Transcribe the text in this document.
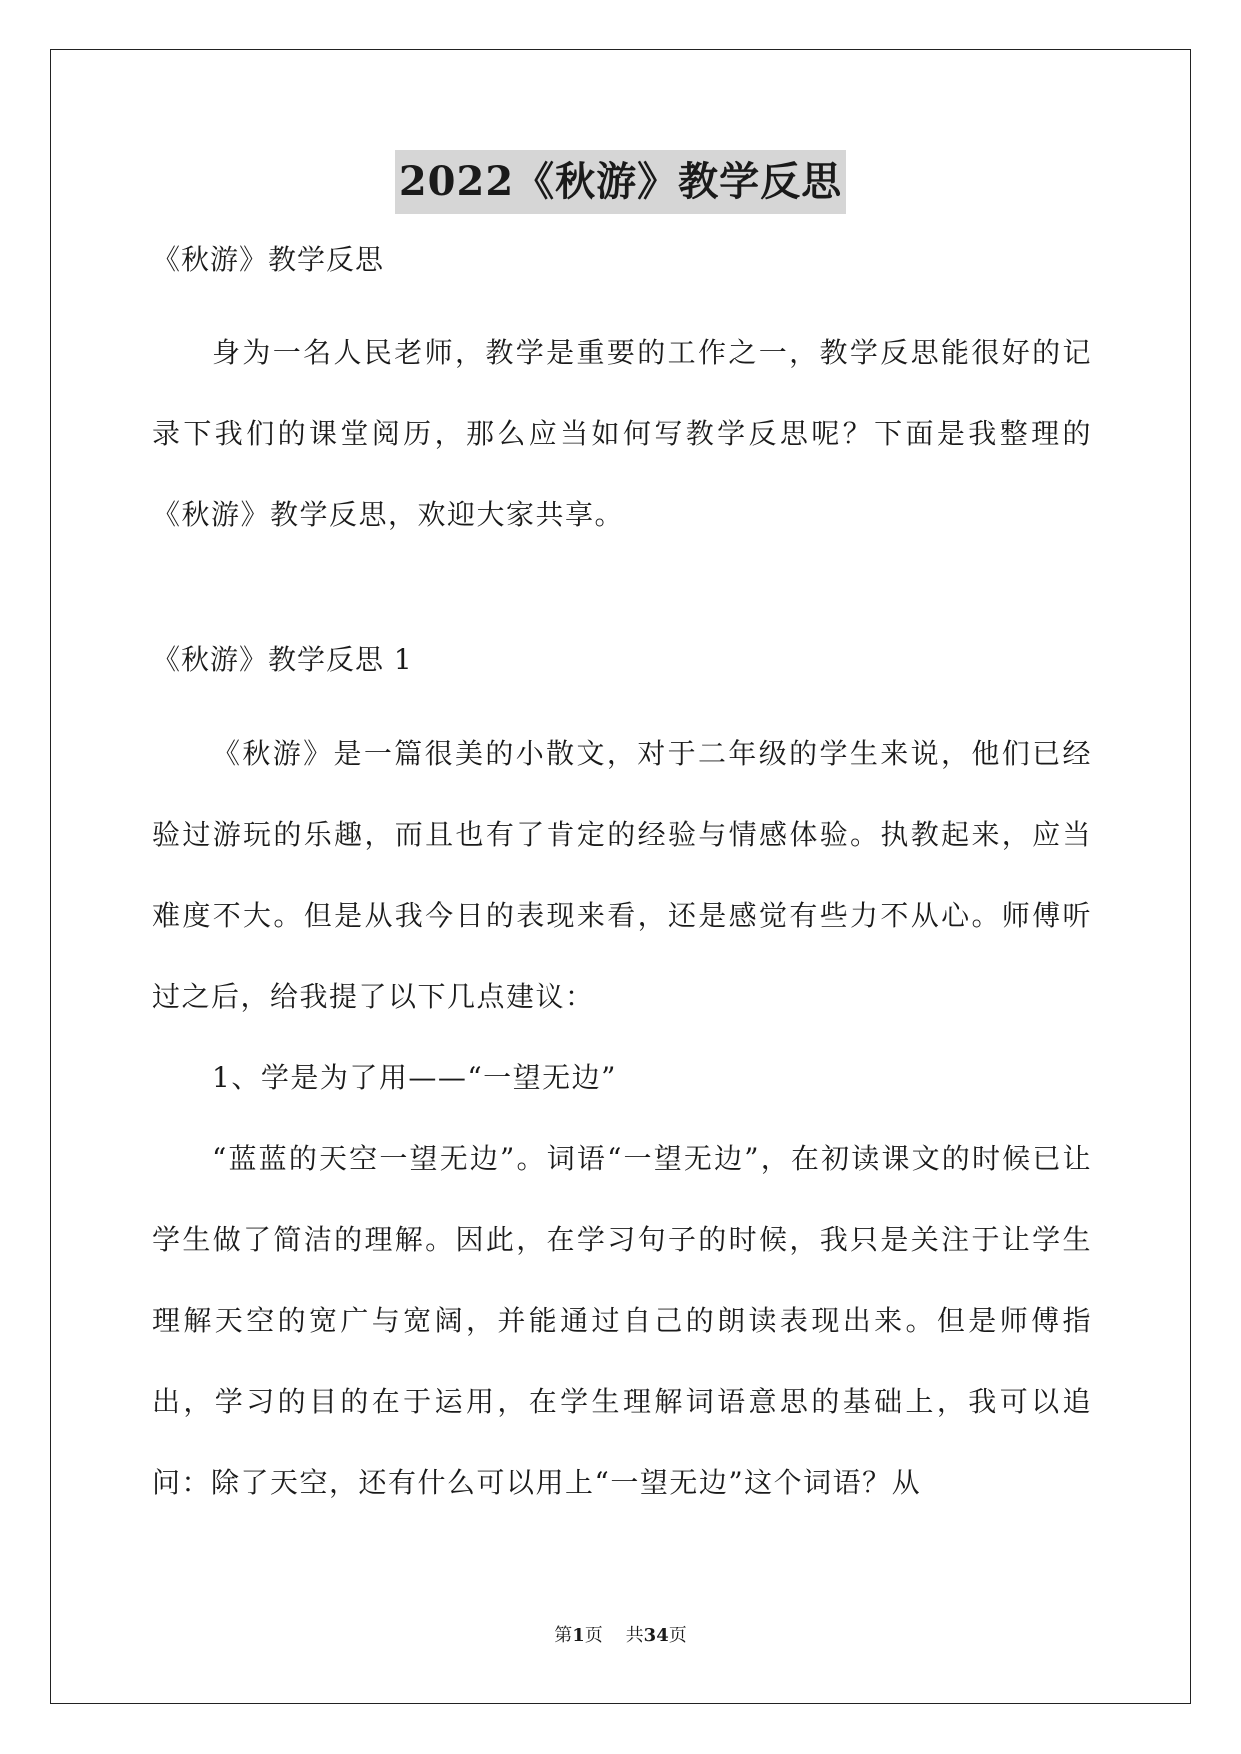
2022《秋游》教学反思

《秋游》教学反思

身为一名人民老师，教学是重要的工作之一，教学反思能很好的记录下我们的课堂阅历，那么应当如何写教学反思呢？下面是我整理的《秋游》教学反思，欢迎大家共享。

《秋游》教学反思 1

《秋游》是一篇很美的小散文，对于二年级的学生来说，他们已经验过游玩的乐趣，而且也有了肯定的经验与情感体验。执教起来，应当难度不大。但是从我今日的表现来看，还是感觉有些力不从心。师傅听过之后，给我提了以下几点建议：

1、学是为了用——“一望无边”

“蓝蓝的天空一望无边”。词语“一望无边”，在初读课文的时候已让学生做了简洁的理解。因此，在学习句子的时候，我只是关注于让学生理解天空的宽广与宽阔，并能通过自己的朗读表现出来。但是师傅指出，学习的目的在于运用，在学生理解词语意思的基础上，我可以追问：除了天空，还有什么可以用上“一望无边”这个词语？从

第1页 共34页
